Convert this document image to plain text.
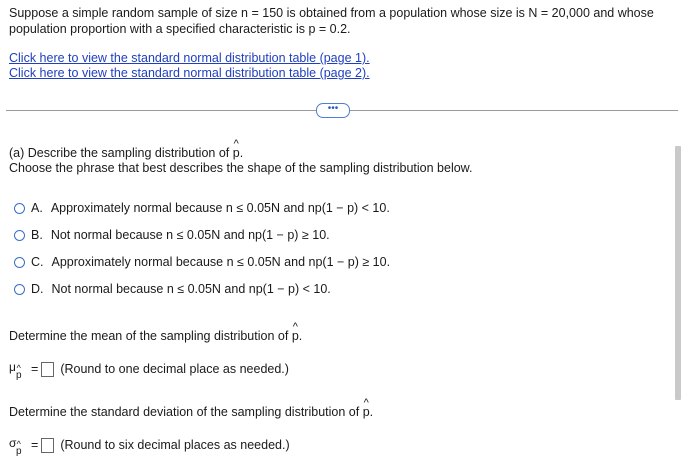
Suppose a simple random sample of size n = 150 is obtained from a population whose size is N = 20,000 and whose
population proportion with a specified characteristic is p = 0.2.
Click here to view the standard normal distribution table (page 1).
Click here to view the standard normal distribution table (page 2).
•••
(a) Describe the sampling distribution of ^ p.
Choose the phrase that best describes the shape of the sampling distribution below.
A. Approximately normal because n ≤ 0.05N and np(1 − p) < 10.
B. Not normal because n ≤ 0.05N and np(1 − p) ≥ 10.
C. Approximately normal because n ≤ 0.05N and np(1 − p) ≥ 10.
D. Not normal because n ≤ 0.05N and np(1 − p) < 10.
Determine the mean of the sampling distribution of ^ p.
μ
^ p = (Round to one decimal place as needed.)
Determine the standard deviation of the sampling distribution of ^ p.
σ
^ p = (Round to six decimal places as needed.)
